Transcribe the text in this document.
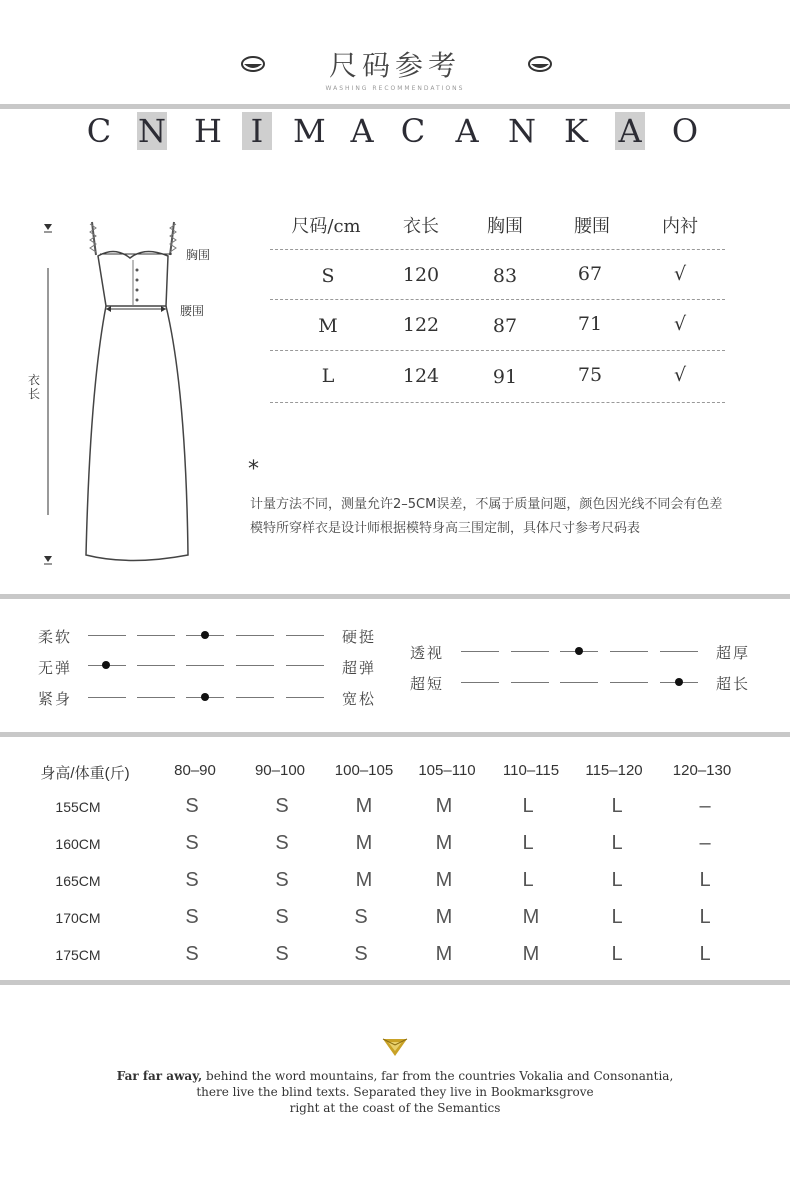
尺码参考
WASHING RECOMMENDATIONS
C N H I M A C A N K A O
胸围
腰围
衣长
尺码/cm	衣长	胸围	腰围	内衬
S	120	83	67	√
M	122	87	71	√
L	124	91	75	√
*
计量方法不同，测量允许2–5CM误差，不属于质量问题，颜色因光线不同会有色差
模特所穿样衣是设计师根据模特身高三围定制，具体尺寸参考尺码表
柔软	硬挺
无弹	超弹
紧身	宽松
透视	超厚
超短	超长
身高/体重(斤)	80–90	90–100	100–105	105–110	110–115	115–120	120–130
155CM	S	S	M	M	L	L	–
160CM	S	S	M	M	L	L	–
165CM	S	S	M	M	L	L	L
170CM	S	S	S	M	M	L	L
175CM	S	S	S	M	M	L	L
Far far away, behind the word mountains, far from the countries Vokalia and Consonantia,
there live the blind texts. Separated they live in Bookmarksgrove
right at the coast of the Semantics
